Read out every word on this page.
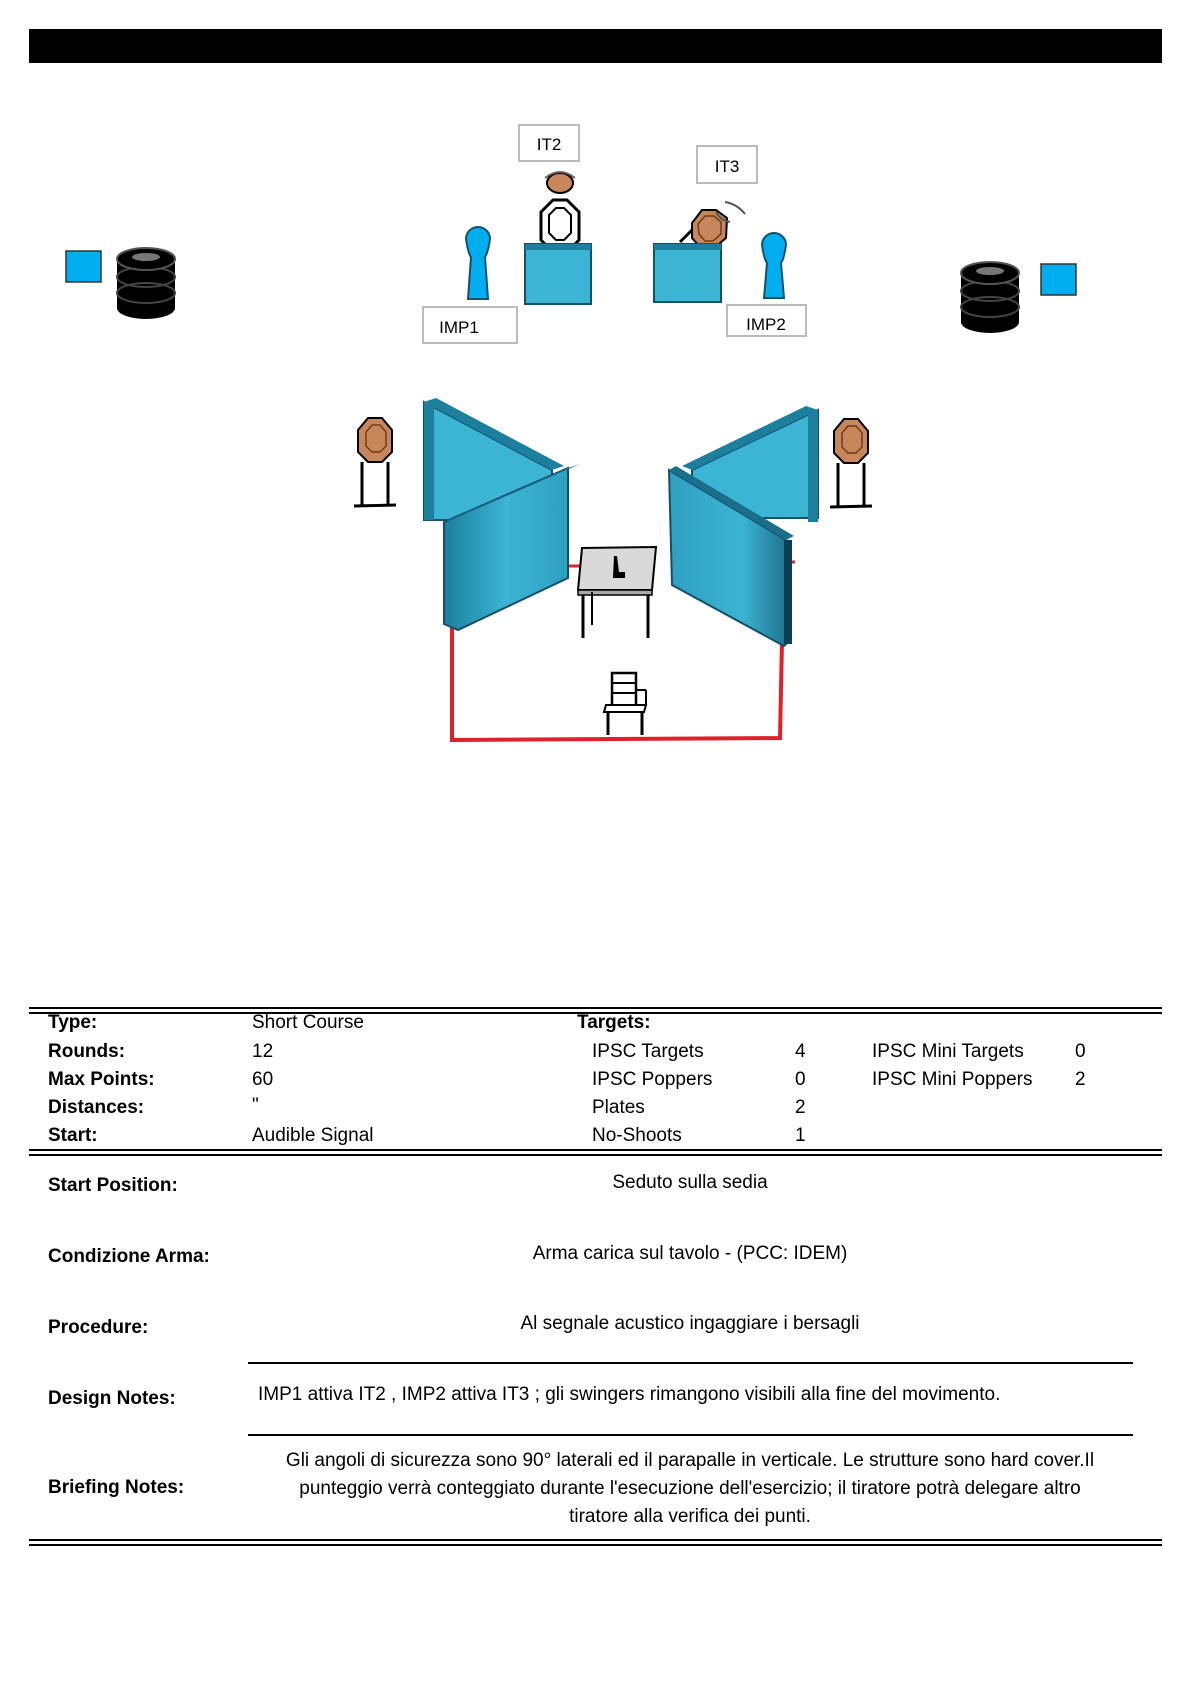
IT2
IT3
IMP1	IMP2
Type:	Short Course
Rounds:	12
Max Points:	60
Distances:	"
Start:	Audible Signal
Targets:
IPSC Targets	4
IPSC Poppers	0
Plates	2
No-Shoots	1
IPSC Mini Targets	0
IPSC Mini Poppers 2
Start Position:	Seduto sulla sedia
Condizione Arma:	Arma carica sul tavolo - (PCC: IDEM)
Procedure:	Al segnale acustico ingaggiare i bersagli
Design Notes:	IMP1 attiva IT2 , IMP2 attiva IT3 ; gli swingers rimangono visibili alla fine del movimento.
Briefing Notes:
Gli angoli di sicurezza sono 90° laterali ed il parapalle in verticale. Le strutture sono hard cover.Il
punteggio verrà conteggiato durante l'esecuzione dell'esercizio; il tiratore potrà delegare altro
tiratore alla verifica dei punti.
